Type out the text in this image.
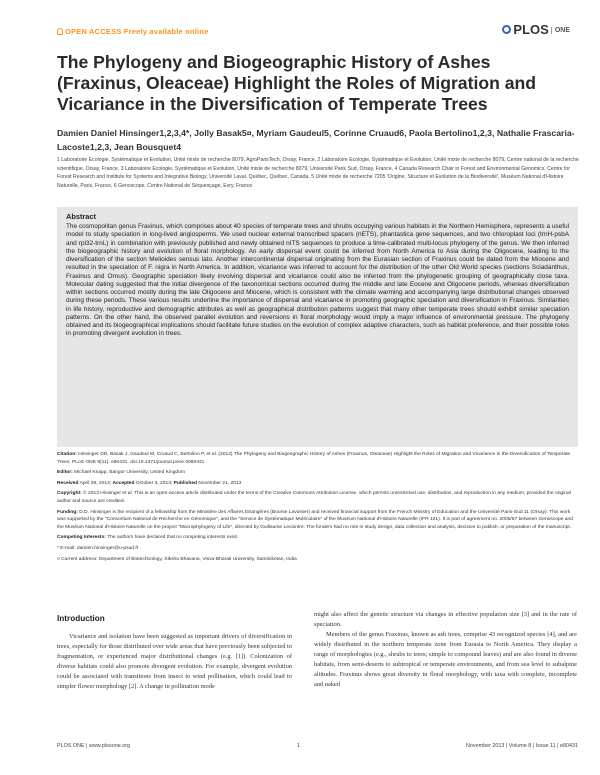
OPEN ACCESS Freely available online	PLOS ONE
The Phylogeny and Biogeographic History of Ashes (Fraxinus, Oleaceae) Highlight the Roles of Migration and Vicariance in the Diversification of Temperate Trees

Damien Daniel Hinsinger1,2,3,4*, Jolly Basak5¤, Myriam Gaudeul5, Corinne Cruaud6, Paola Bertolino1,2,3, Nathalie Frascaria-Lacoste1,2,3, Jean Bousquet4

1 Laboratoire Ecologie, Systématique et Evolution, Unité mixte de recherche 8079, AgroParisTech, Orsay, France, 2 Laboratoire Ecologie, Systématique et Evolution, Unité mixte de recherche 8079, Centre national de la recherche scientifique, Orsay, France, 3 Laboratoire Ecologie, Systématique et Evolution, Unité mixte de recherche 8079, Université Paris Sud, Orsay, France, 4 Canada Research Chair in Forest and Environmental Genomics, Centre for Forest Research and Institute for Systems and Integrative Biology, Université Laval, Québec, Québec, Canada, 5 Unité mixte de recherche 7205 'Origine, Structure et Evolution de la Biodiversité', Muséum National d'Histoire Naturelle, Paris, France, 6 Genoscope, Centre National de Séquençage, Evry, France

Abstract

The cosmopolitan genus Fraxinus, which comprises about 40 species of temperate trees and shrubs occupying various habitats in the Northern Hemisphere, represents a useful model to study speciation in long-lived angiosperms. We used nuclear external transcribed spacers (nETS), phantastica gene sequences, and two chloroplast loci (trnH-psbA and rpl32-trnL) in combination with previously published and newly obtained nITS sequences to produce a time-calibrated multi-locus phylogeny of the genus. We then inferred the biogeographic history and evolution of floral morphology. An early dispersal event could be inferred from North America to Asia during the Oligocene, leading to the diversification of the section Melioides sensus lato. Another intercontinental dispersal originating from the Eurasian section of Fraxinus could be dated from the Miocene and resulted in the speciation of F. nigra in North America. In addition, vicariance was inferred to account for the distribution of the other Old World species (sections Sciadanthus, Fraxinus and Ornus). Geographic speciation likely involving dispersal and vicariance could also be inferred from the phylogenetic grouping of geographically close taxa. Molecular dating suggested that the initial divergence of the taxonomical sections occurred during the middle and late Eocene and Oligocene periods, whereas diversification within sections occurred mostly during the late Oligocene and Miocene, which is consistent with the climate warming and accompanying large distributional changes observed during these periods. These various results underline the importance of dispersal and vicariance in promoting geographic speciation and diversification in Fraxinus. Similarities in life history, reproductive and demographic attributes as well as geographical distribution patterns suggest that many other temperate trees should exhibit similar speciation patterns. On the other hand, the observed parallel evolution and reversions in floral morphology would imply a major influence of environmental pressure. The phylogeny obtained and its biogeographical implications should facilitate future studies on the evolution of complex adaptive characters, such as habitat preference, and their possible roles in promoting divergent evolution in trees.

Citation: Hinsinger DD, Basak J, Gaudeul M, Cruaud C, Bertolino P, et al. (2013) The Phylogeny and Biogeographic History of Ashes (Fraxinus, Oleaceae) Highlight the Roles of Migration and Vicariance in the Diversification of Temperate Trees. PLoS ONE 8(11): e80431. doi:10.1371/journal.pone.0080431

Editor: Michael Knapp, Bangor University, United Kingdom

Received April 29, 2013; Accepted October 3, 2013; Published November 21, 2013

Copyright: © 2013 Hinsinger et al. This is an open-access article distributed under the terms of the Creative Commons Attribution License, which permits unrestricted use, distribution, and reproduction in any medium, provided the original author and source are credited.

Funding: D.D. Hinsinger is the recipient of a fellowship from the Ministère des Affaires Etrangères (Bourse Lavoisier) and received financial support from the French Ministry of Education and the Université Paris-Sud 11 (Orsay). This work was supported by the "Consortium National de Recherche en Génomique", and the "Service de Systématique Moléculaire" of the Muséum National d'Histoire Naturelle (IFR 101). It is part of agreement no. 2005/67 between Genoscope and the Muséum National d'Histoire Naturelle on the project "Macrophylogeny of Life", directed by Guillaume Lecointre. The funders had no role in study design, data collection and analysis, decision to publish, or preparation of the manuscript.

Competing Interests: The authors have declared that no competing interests exist.

* E-mail: damien.hinsinger@u-psud.fr

¤ Current address: Department of Biotechnology, Siksha Bhavana, Visva-Bharati University, Santiniketan, India

Introduction

Vicariance and isolation have been suggested as important drivers of diversification in trees, especially for those distributed over wide areas that have previously been subjected to fragmentation, or experienced major distributional changes (e.g. [1]). Colonization of diverse habitats could also promote divergent evolution. For example, divergent evolution could be associated with transitions from insect to wind pollination, which could lead to simpler flower morphology [2]. A change in pollination mode

might also affect the genetic structure via changes in effective population size [3] and in the rate of speciation.

Members of the genus Fraxinus, known as ash trees, comprise 43 recognized species [4], and are widely distributed in the northern temperate zone from Eurasia to North America. They display a range of morphologies (e.g., shrubs to trees; simple to compound leaves) and are also found in diverse habitats, from semi-deserts to subtropical or temperate environments, and from sea level to subalpine altitudes. Fraxinus shows great diversity in floral morphology, with taxa with complete, incomplete and naked

PLOS ONE | www.plosone.org	1	November 2013 | Volume 8 | Issue 11 | e80431
